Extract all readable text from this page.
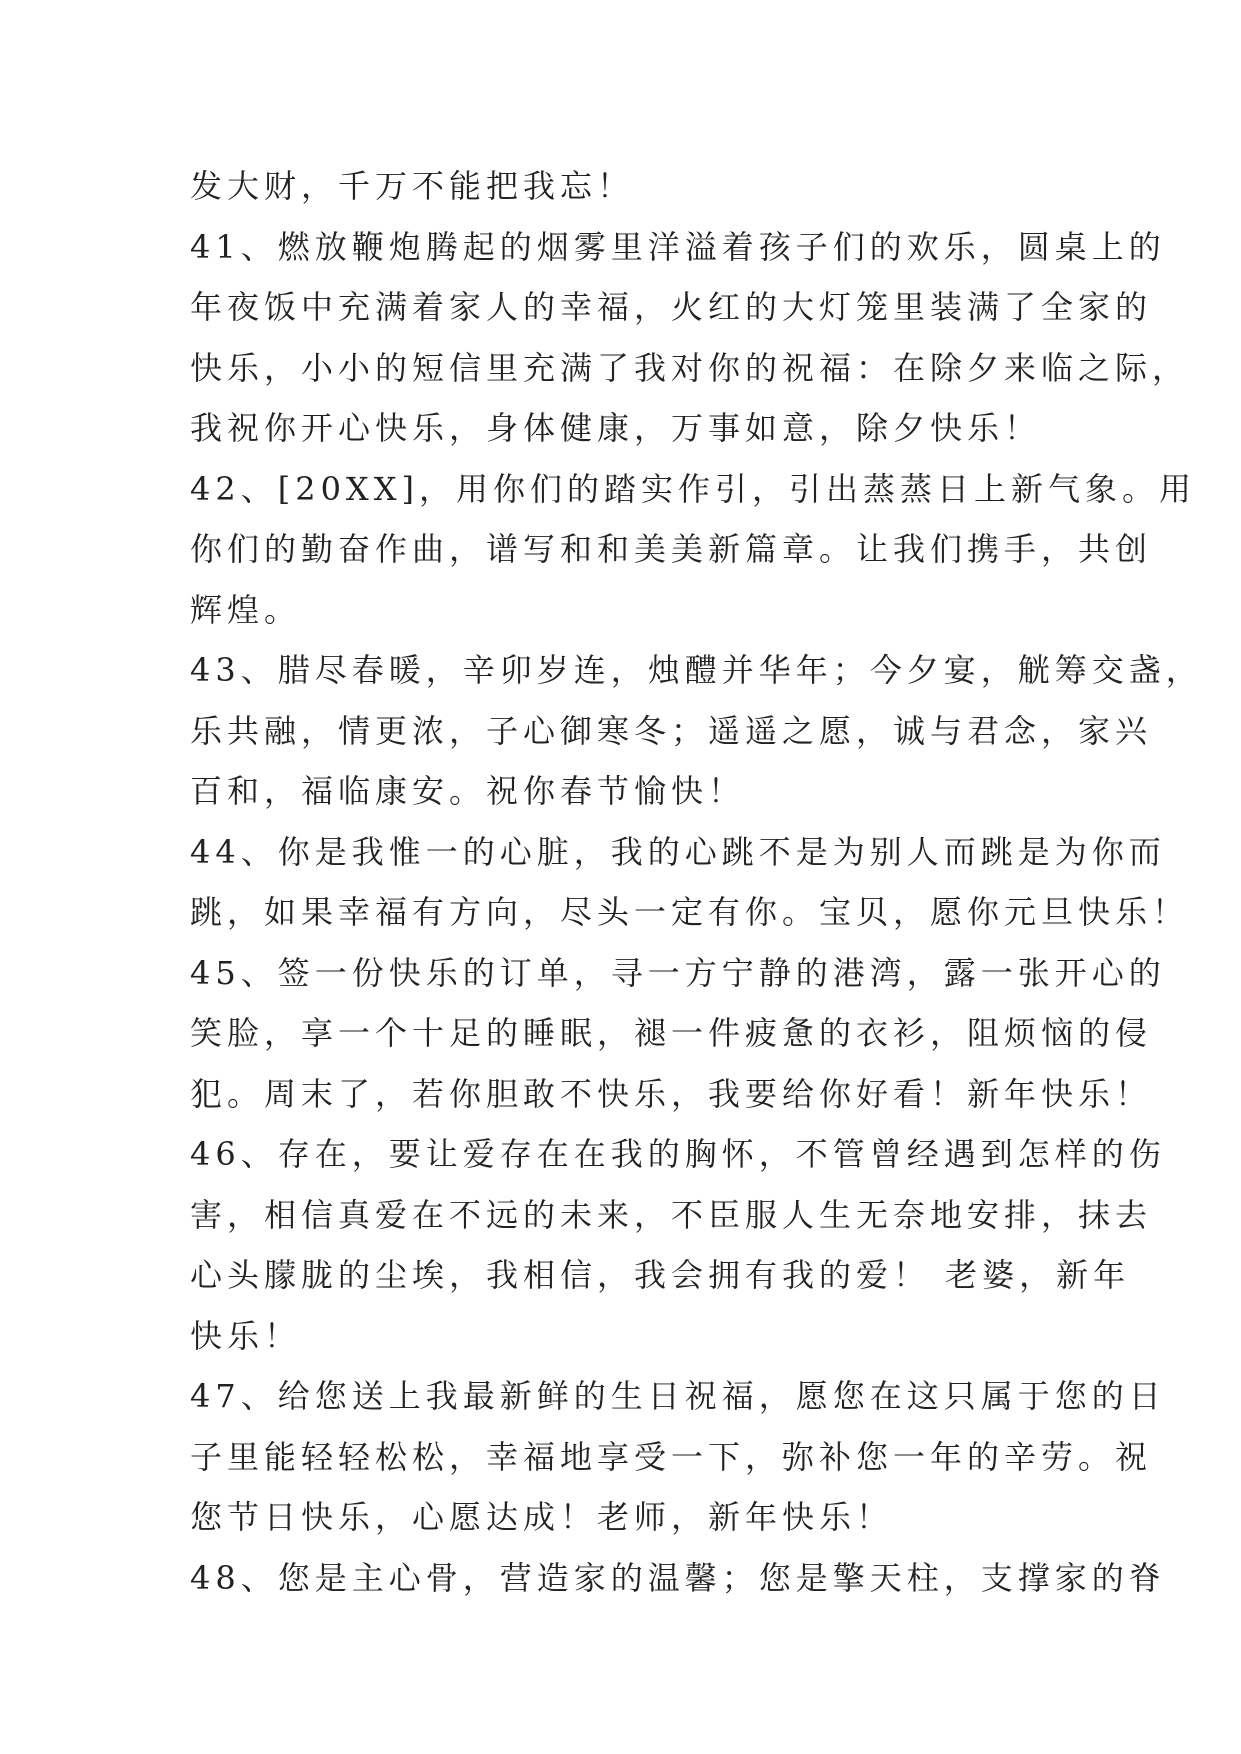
发大财，千万不能把我忘！
41、燃放鞭炮腾起的烟雾里洋溢着孩子们的欢乐，圆桌上的
年夜饭中充满着家人的幸福，火红的大灯笼里装满了全家的
快乐，小小的短信里充满了我对你的祝福：在除夕来临之际，
我祝你开心快乐，身体健康，万事如意，除夕快乐！
42、[20XX]，用你们的踏实作引，引出蒸蒸日上新气象。用
你们的勤奋作曲，谱写和和美美新篇章。让我们携手，共创
辉煌。
43、腊尽春暖，辛卯岁连，烛醴并华年；今夕宴，觥筹交盏，
乐共融，情更浓，子心御寒冬；遥遥之愿，诚与君念，家兴
百和，福临康安。祝你春节愉快！
44、你是我惟一的心脏，我的心跳不是为别人而跳是为你而
跳，如果幸福有方向，尽头一定有你。宝贝，愿你元旦快乐！
45、签一份快乐的订单，寻一方宁静的港湾，露一张开心的
笑脸，享一个十足的睡眠，褪一件疲惫的衣衫，阻烦恼的侵
犯。周末了，若你胆敢不快乐，我要给你好看！新年快乐！
46、存在，要让爱存在在我的胸怀，不管曾经遇到怎样的伤
害，相信真爱在不远的未来，不臣服人生无奈地安排，抹去
心头朦胧的尘埃，我相信，我会拥有我的爱！ 老婆，新年
快乐！
47、给您送上我最新鲜的生日祝福，愿您在这只属于您的日
子里能轻轻松松，幸福地享受一下，弥补您一年的辛劳。祝
您节日快乐，心愿达成！老师，新年快乐！
48、您是主心骨，营造家的温馨；您是擎天柱，支撑家的脊
